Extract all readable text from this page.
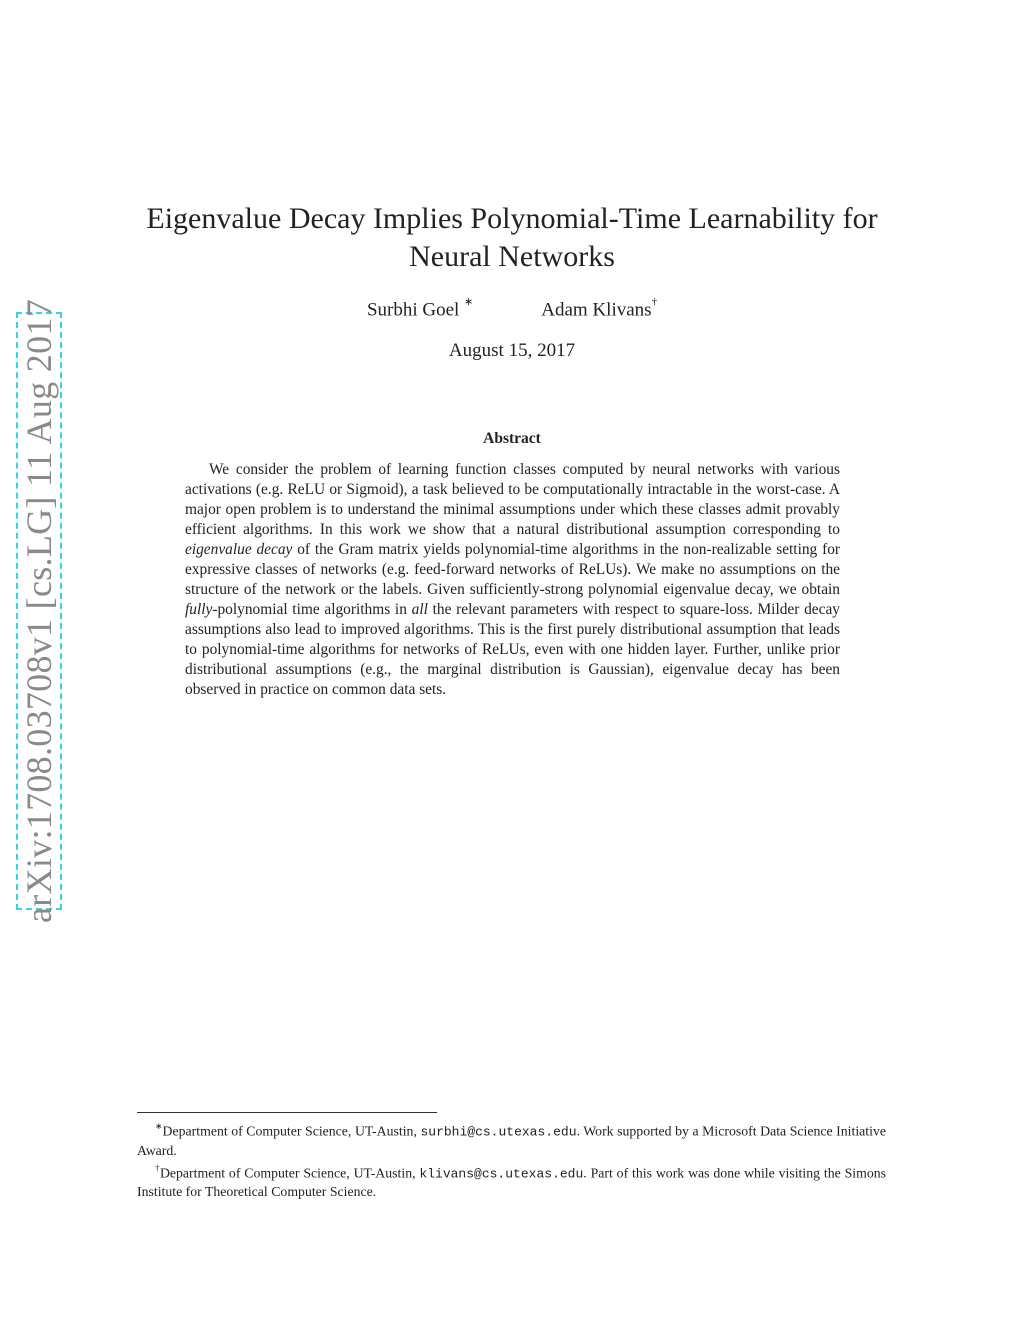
arXiv:1708.03708v1 [cs.LG] 11 Aug 2017
Eigenvalue Decay Implies Polynomial-Time Learnability for
Neural Networks
Surbhi Goel ∗	Adam Klivans†
August 15, 2017
Abstract

We consider the problem of learning function classes computed by neural networks with various activations (e.g. ReLU or Sigmoid), a task believed to be computationally intractable in the worst-case. A major open problem is to understand the minimal assumptions under which these classes admit provably efficient algorithms. In this work we show that a natural distributional assumption corresponding to eigenvalue decay of the Gram matrix yields polynomial-time algorithms in the non-realizable setting for expressive classes of networks (e.g. feed-forward networks of ReLUs). We make no assumptions on the structure of the network or the labels. Given sufficiently-strong polynomial eigenvalue decay, we obtain fully-polynomial time algorithms in all the relevant parameters with respect to square-loss. Milder decay assumptions also lead to improved algorithms. This is the first purely distributional assumption that leads to polynomial-time algorithms for networks of ReLUs, even with one hidden layer. Further, unlike prior distributional assumptions (e.g., the marginal distribution is Gaussian), eigenvalue decay has been observed in practice on common data sets.

∗Department of Computer Science, UT-Austin, surbhi@cs.utexas.edu. Work supported by a Microsoft Data Science Initiative Award.

†Department of Computer Science, UT-Austin, klivans@cs.utexas.edu. Part of this work was done while visiting the Simons Institute for Theoretical Computer Science.
